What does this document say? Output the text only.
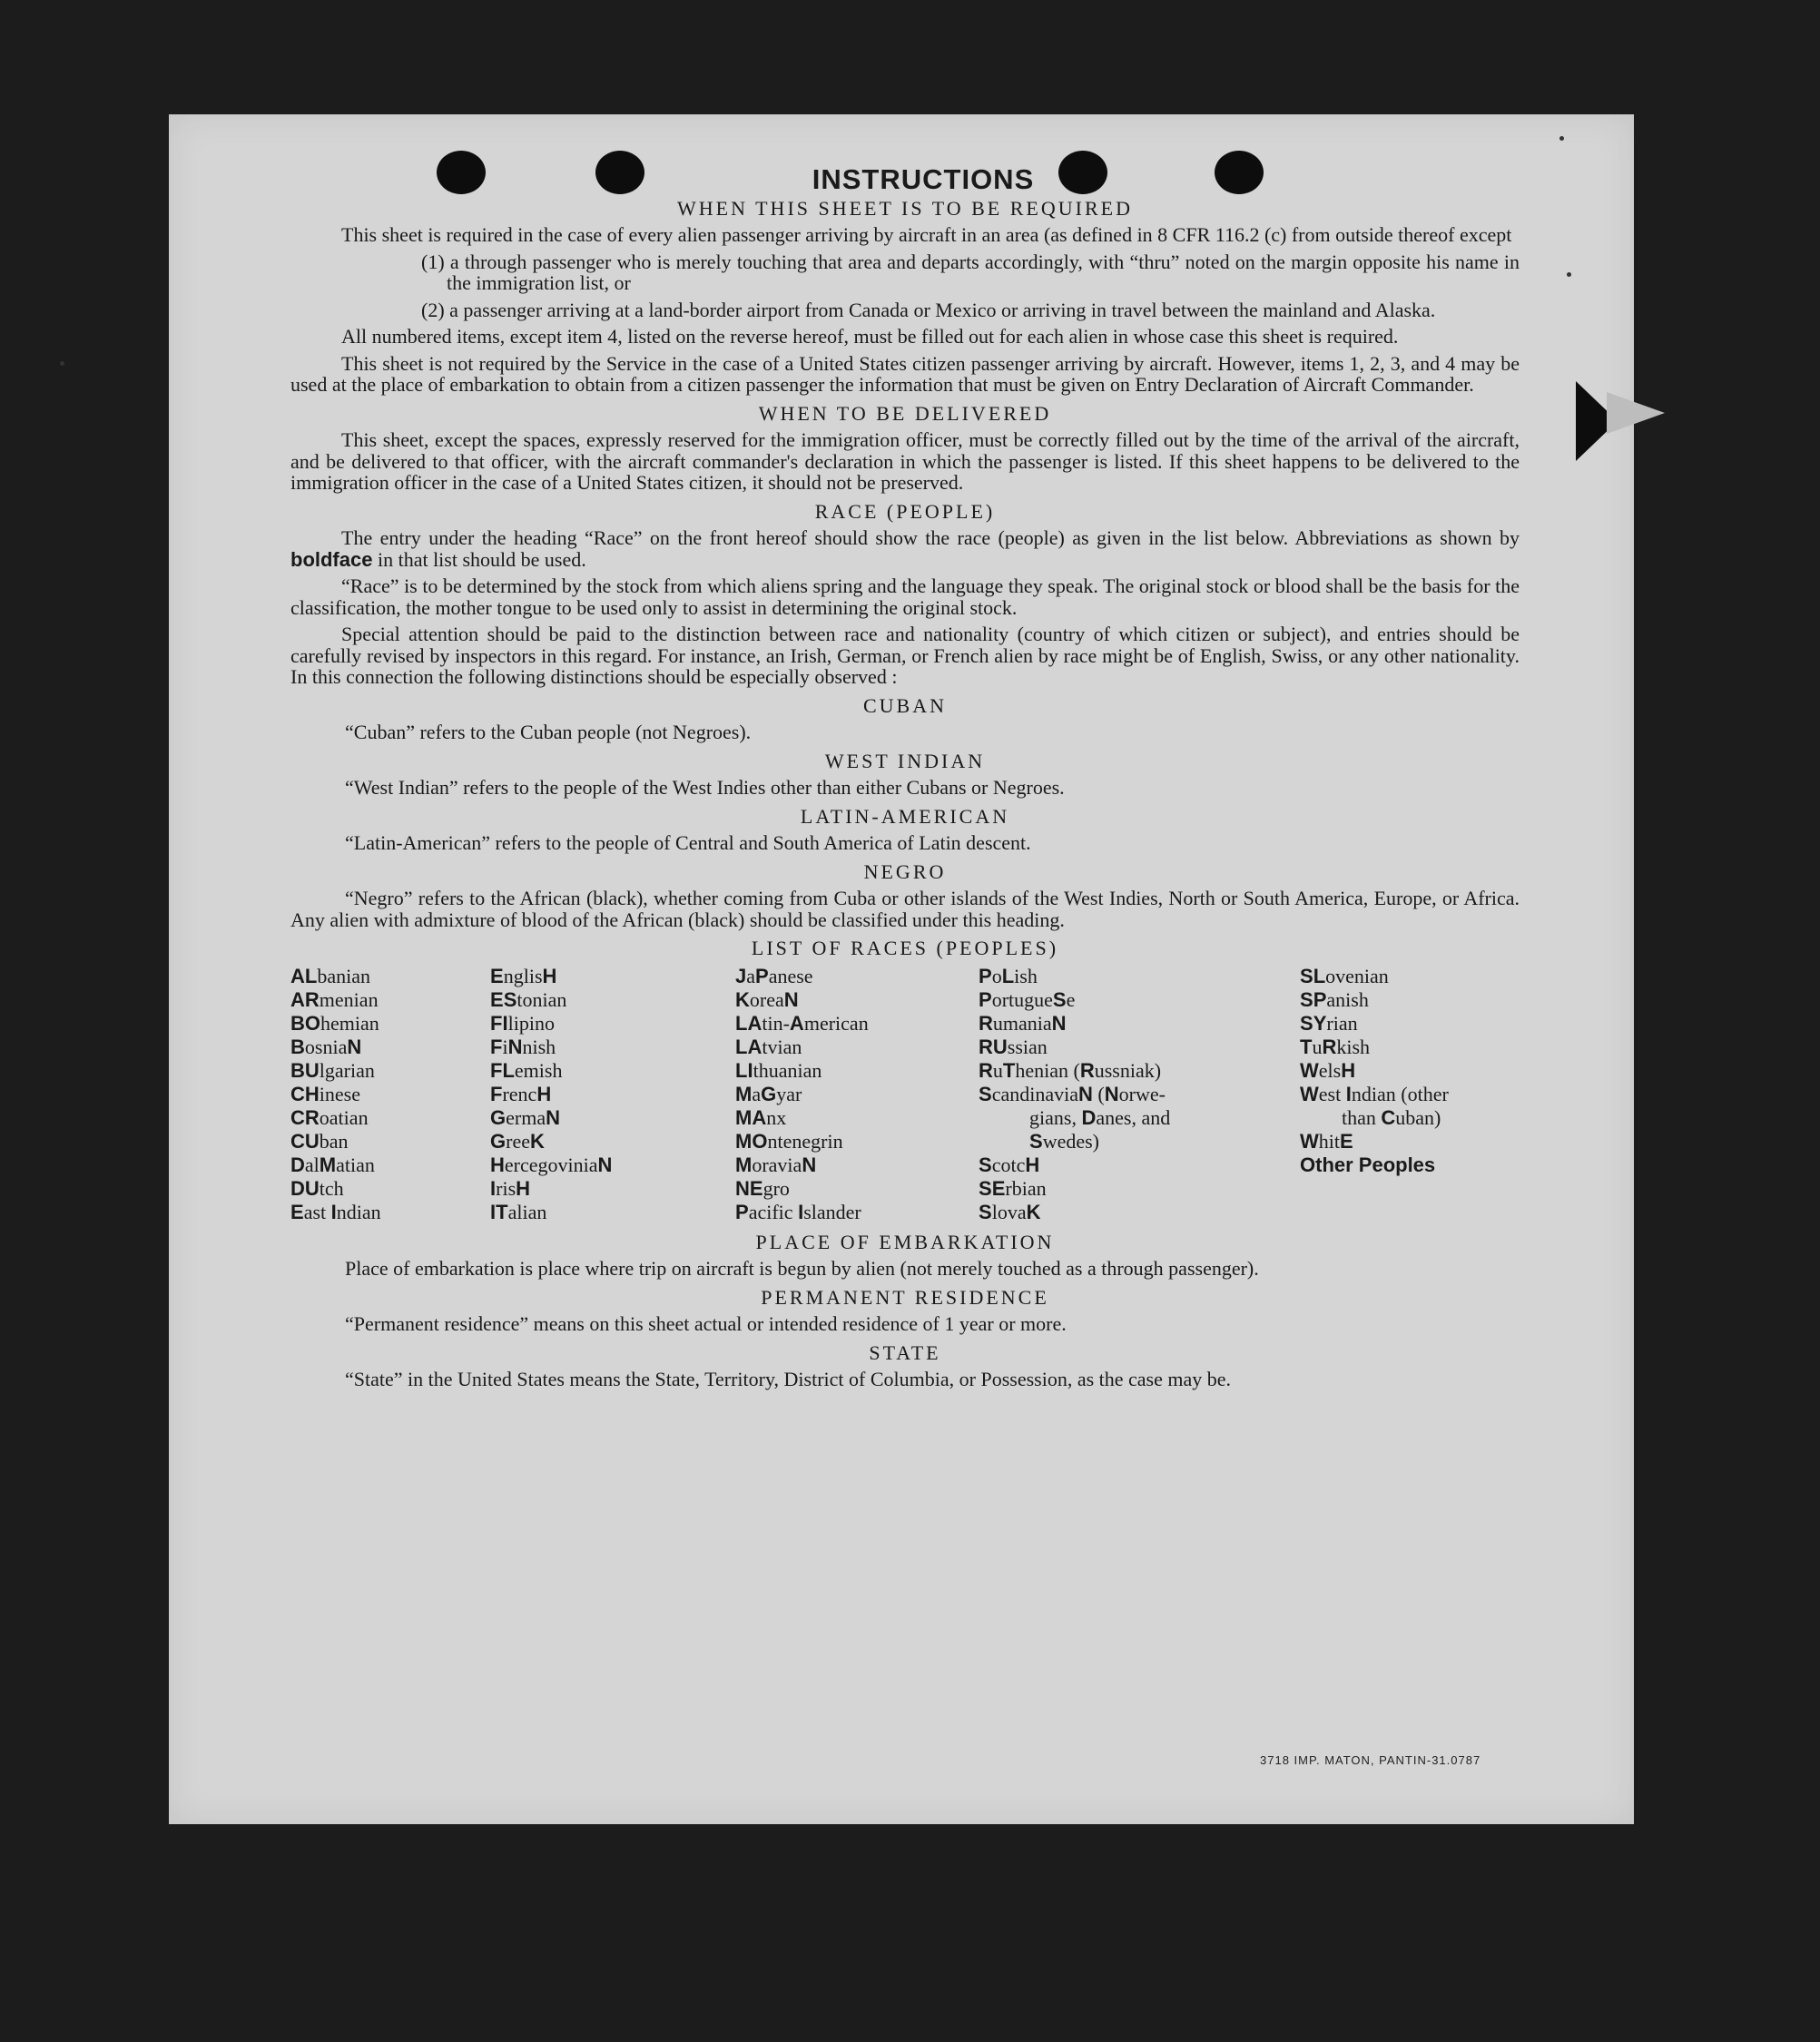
INSTRUCTIONS
WHEN THIS SHEET IS TO BE REQUIRED

This sheet is required in the case of every alien passenger arriving by aircraft in an area (as defined in 8 CFR 116.2 (c) from outside thereof except

(1) a through passenger who is merely touching that area and departs accordingly, with “thru” noted on the margin opposite his name in the immigration list, or
(2) a passenger arriving at a land-border airport from Canada or Mexico or arriving in travel between the mainland and Alaska.

All numbered items, except item 4, listed on the reverse hereof, must be filled out for each alien in whose case this sheet is required.

This sheet is not required by the Service in the case of a United States citizen passenger arriving by aircraft. However, items 1, 2, 3, and 4 may be used at the place of embarkation to obtain from a citizen passenger the information that must be given on Entry Declaration of Aircraft Commander.

WHEN TO BE DELIVERED

This sheet, except the spaces, expressly reserved for the immigration officer, must be correctly filled out by the time of the arrival of the aircraft, and be delivered to that officer, with the aircraft commander's declaration in which the passenger is listed. If this sheet happens to be delivered to the immigration officer in the case of a United States citizen, it should not be preserved.

RACE (PEOPLE)

The entry under the heading “Race” on the front hereof should show the race (people) as given in the list below. Abbreviations as shown by boldface in that list should be used.

“Race” is to be determined by the stock from which aliens spring and the language they speak. The original stock or blood shall be the basis for the classification, the mother tongue to be used only to assist in determining the original stock.

Special attention should be paid to the distinction between race and nationality (country of which citizen or subject), and entries should be carefully revised by inspectors in this regard. For instance, an Irish, German, or French alien by race might be of English, Swiss, or any other nationality. In this connection the following distinctions should be especially observed :

CUBAN

“Cuban” refers to the Cuban people (not Negroes).

WEST INDIAN

“West Indian” refers to the people of the West Indies other than either Cubans or Negroes.

LATIN-AMERICAN

“Latin-American” refers to the people of Central and South America of Latin descent.

NEGRO

“Negro” refers to the African (black), whether coming from Cuba or other islands of the West Indies, North or South America, Europe, or Africa. Any alien with admixture of blood of the African (black) should be classified under this heading.

LIST OF RACES (PEOPLES)
ALbanian
ARmenian
BOhemian
BosniaN
BUlgarian
CHinese
CRoatian
CUban
DalMatian
DUtch
East Indian
EnglisH
EStonian
FIlipino
FiNnish
FLemish
FrencH
GermaN
GreeK
HercegoviniaN
IrisH
ITalian
JaPanese
KoreaN
LAtin-American
LAtvian
LIthuanian
MaGyar
MAnx
MOntenegrin
MoraviaN
NEgro
Pacific Islander
PoLish
PortugueSe
RumaniaN
RUssian
RuThenian (Russniak)
ScandinaviaN (Norwe-
gians, Danes, and
Swedes)
ScotcH
SErbian
SlovaK
SLovenian
SPanish
SYrian
TuRkish
WelsH
West Indian (other
than Cuban)
WhitE
Other Peoples
PLACE OF EMBARKATION

Place of embarkation is place where trip on aircraft is begun by alien (not merely touched as a through passenger).

PERMANENT RESIDENCE

“Permanent residence” means on this sheet actual or intended residence of 1 year or more.

STATE

“State” in the United States means the State, Territory, District of Columbia, or Possession, as the case may be.

3718 IMP. MATON, PANTIN-31.0787
